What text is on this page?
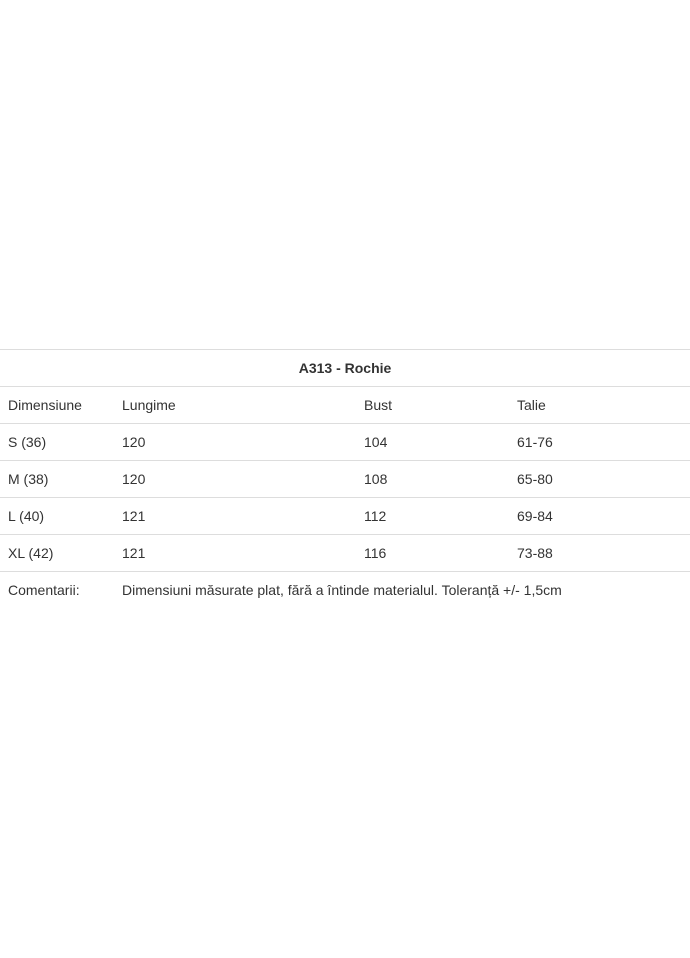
A313 - Rochie			
Dimensiune	Lungime	Bust	Talie
S (36)	120	104	61-76
M (38)	120	108	65-80
L (40)	121	112	69-84
XL (42)	121	116	73-88
Comentarii:	Dimensiuni măsurate plat, fără a întinde materialul. Toleranță +/- 1,5cm		
